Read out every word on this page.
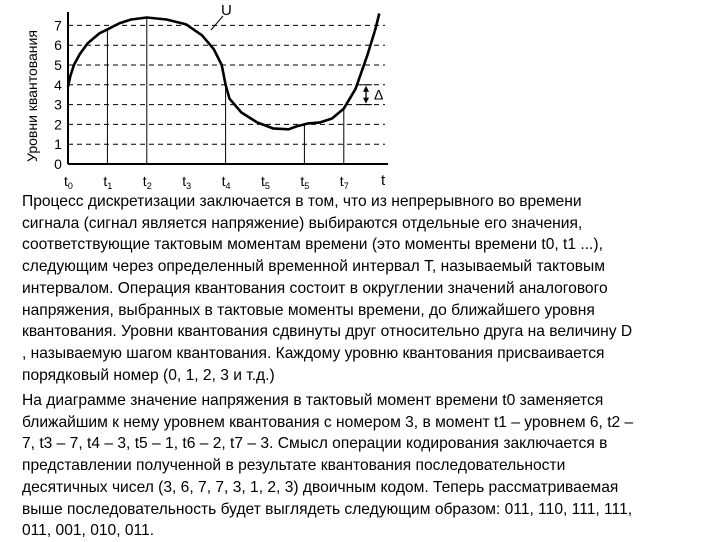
0
1
2
3
4
5
6
7
$t_0$ $t_1$ $t_2$ $t_3$ $t_4$ $t_5$ $t_5$ $t_7$ t
Уровни квантования
U
Δ

Процесс дискретизации заключается в том, что из непрерывного во времени
сигнала (сигнал является напряжение) выбираются отдельные его значения,
соответствующие тактовым моментам времени (это моменты времени t0, t1 ...),
следующим через определенный временной интервал Т, называемый тактовым
интервалом. Операция квантования состоит в округлении значений аналогового
напряжения, выбранных в тактовые моменты времени, до ближайшего уровня
квантования. Уровни квантования сдвинуты друг относительно друга на величину D
, называемую шагом квантования. Каждому уровню квантования присваивается
порядковый номер (0, 1, 2, 3 и т.д.)

На диаграмме значение напряжения в тактовый момент времени t0 заменяется
ближайшим к нему уровнем квантования с номером 3, в момент t1 – уровнем 6, t2 –
7, t3 – 7, t4 – 3, t5 – 1, t6 – 2, t7 – 3. Смысл операции кодирования заключается в
представлении полученной в результате квантования последовательности
десятичных чисел (3, 6, 7, 7, 3, 1, 2, 3) двоичным кодом. Теперь рассматриваемая
выше последовательность будет выглядеть следующим образом: 011, 110, 111, 111,
011, 001, 010, 011.
